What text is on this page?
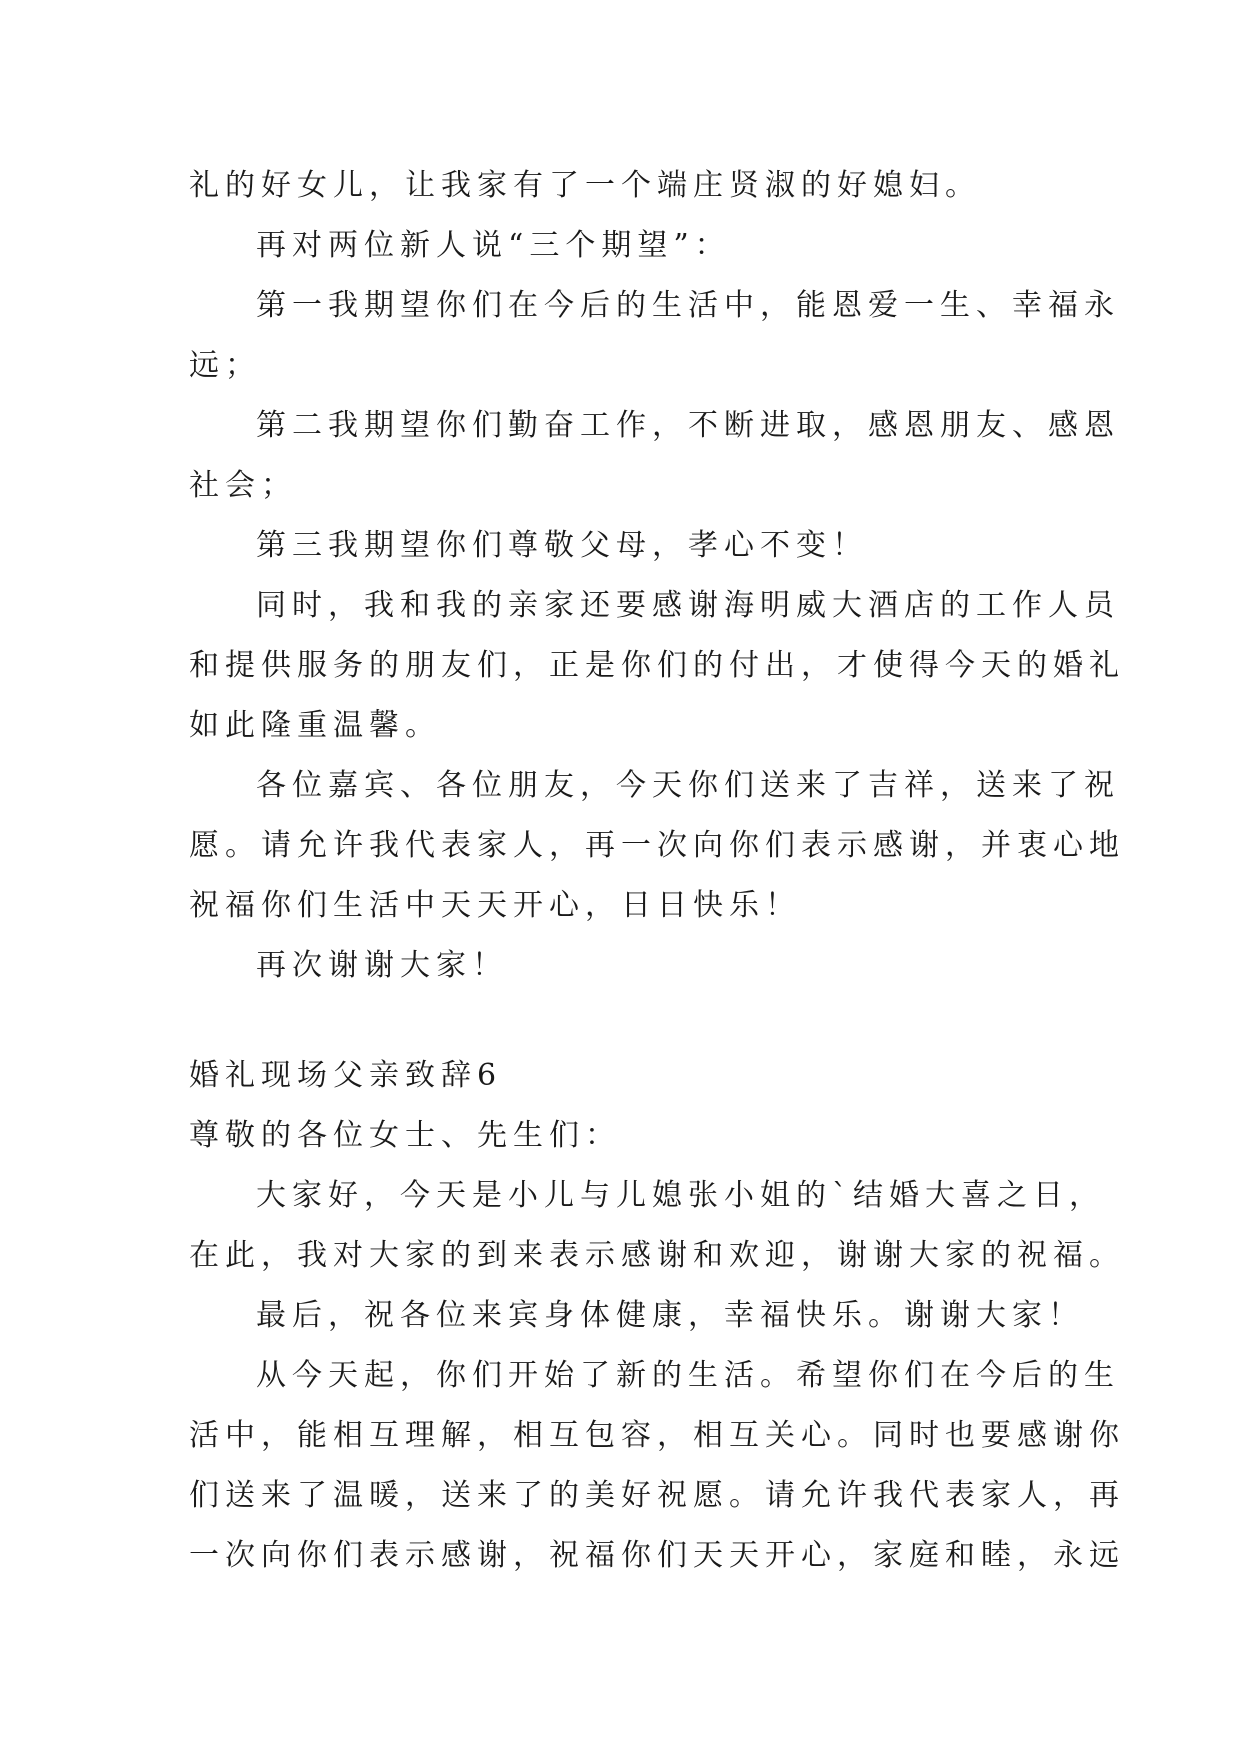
礼的好女儿，让我家有了一个端庄贤淑的好媳妇。

再对两位新人说“三个期望”：

第一我期望你们在今后的生活中，能恩爱一生、幸福永

远；

第二我期望你们勤奋工作，不断进取，感恩朋友、感恩

社会；

第三我期望你们尊敬父母，孝心不变！

同时，我和我的亲家还要感谢海明威大酒店的工作人员

和提供服务的朋友们，正是你们的付出，才使得今天的婚礼

如此隆重温馨。

各位嘉宾、各位朋友，今天你们送来了吉祥，送来了祝

愿。请允许我代表家人，再一次向你们表示感谢，并衷心地

祝福你们生活中天天开心，日日快乐！

再次谢谢大家！

婚礼现场父亲致辞6

尊敬的各位女士、先生们：

大家好，今天是小儿与儿媳张小姐的`结婚大喜之日，

在此，我对大家的到来表示感谢和欢迎，谢谢大家的祝福。

最后，祝各位来宾身体健康，幸福快乐。谢谢大家！

从今天起，你们开始了新的生活。希望你们在今后的生

活中，能相互理解，相互包容，相互关心。同时也要感谢你

们送来了温暖，送来了的美好祝愿。请允许我代表家人，再

一次向你们表示感谢，祝福你们天天开心，家庭和睦，永远
